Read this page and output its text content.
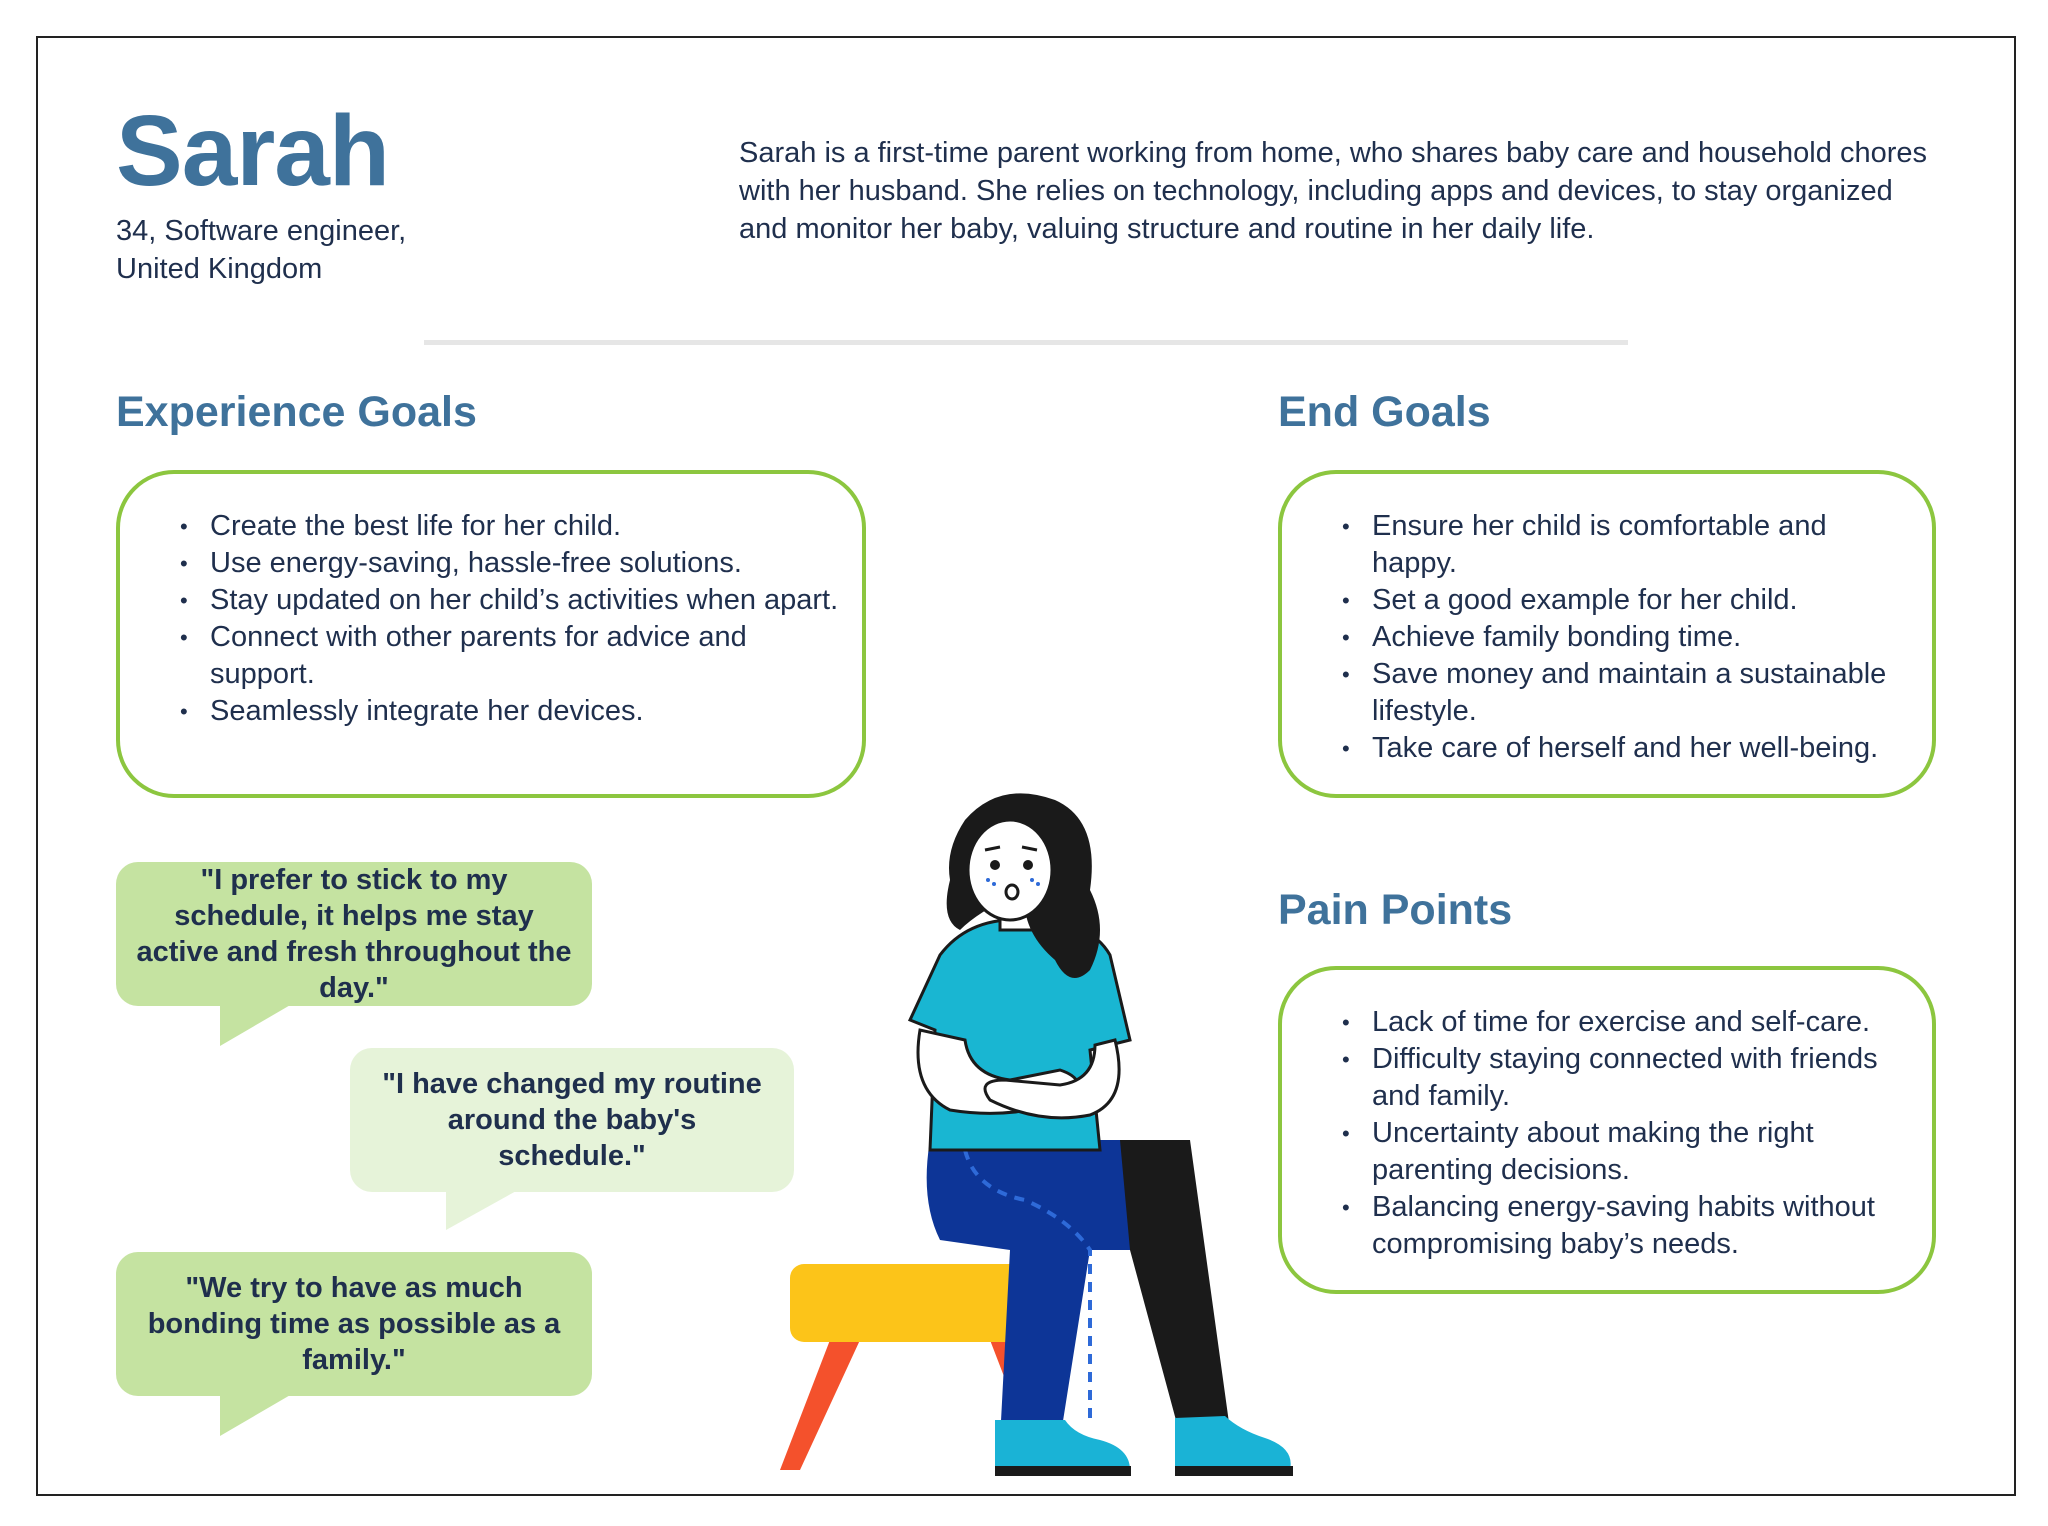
Sarah
34, Software engineer, United Kingdom
Sarah is a first-time parent working from home, who shares baby care and household chores with her husband. She relies on technology, including apps and devices, to stay organized and monitor her baby, valuing structure and routine in her daily life.
Experience Goals
• Create the best life for her child.
• Use energy-saving, hassle-free solutions.
• Stay updated on her child’s activities when apart.
• Connect with other parents for advice and support.
• Seamlessly integrate her devices.
End Goals
• Ensure her child is comfortable and happy.
• Set a good example for her child.
• Achieve family bonding time.
• Save money and maintain a sustainable lifestyle.
• Take care of herself and her well-being.
Pain Points
• Lack of time for exercise and self-care.
• Difficulty staying connected with friends and family.
• Uncertainty about making the right parenting decisions.
• Balancing energy-saving habits without compromising baby’s needs.
"I prefer to stick to my schedule, it helps me stay active and fresh throughout the day."
"I have changed my routine around the baby's schedule."
"We try to have as much bonding time as possible as a family."
